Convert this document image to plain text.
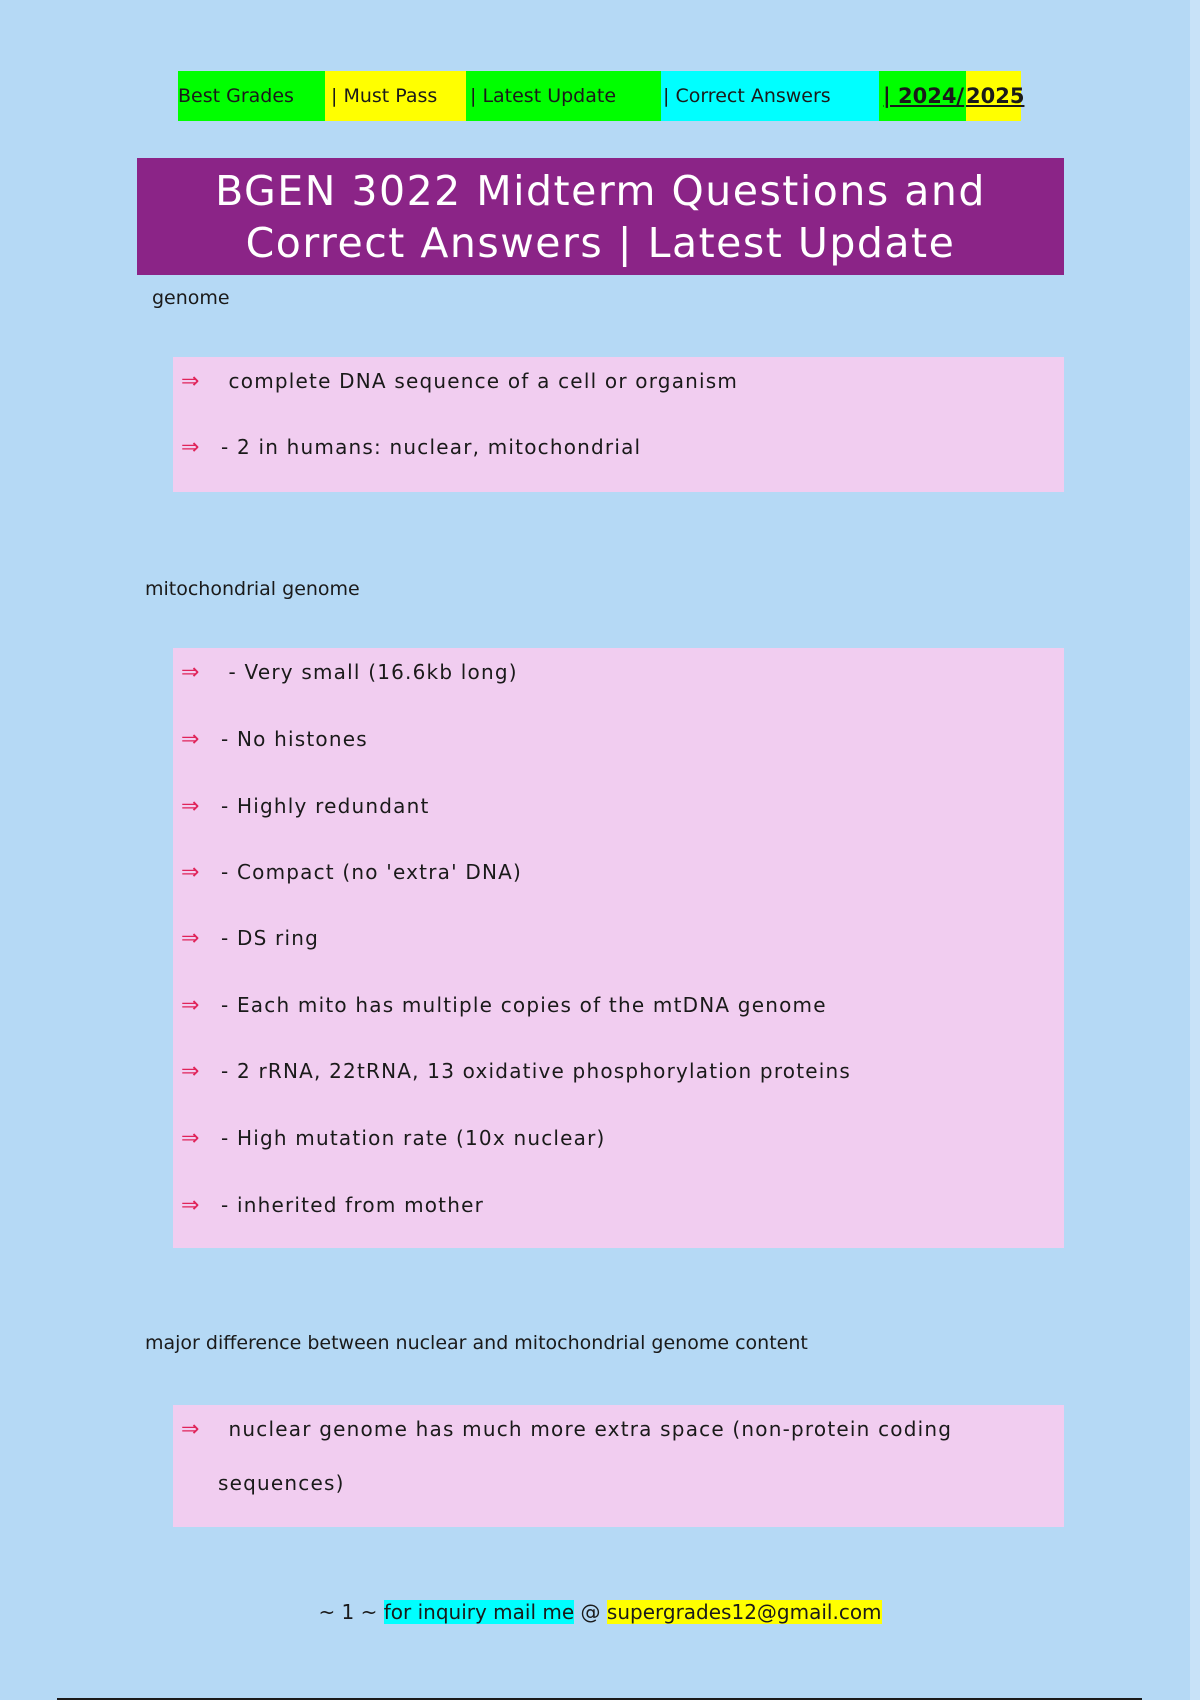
Best Grades	| Must Pass	| Latest Update	| Correct Answers	| 2024/ 2025
BGEN 3022 Midterm Questions and Correct Answers | Latest Update
genome
⇒ complete DNA sequence of a cell or organism
⇒ - 2 in humans: nuclear, mitochondrial
mitochondrial genome
⇒ - Very small (16.6kb long)
⇒ - No histones
⇒ - Highly redundant
⇒ - Compact (no 'extra' DNA)
⇒ - DS ring
⇒ - Each mito has multiple copies of the mtDNA genome
⇒ - 2 rRNA, 22tRNA, 13 oxidative phosphorylation proteins
⇒ - High mutation rate (10x nuclear)
⇒ - inherited from mother
major difference between nuclear and mitochondrial genome content
⇒ nuclear genome has much more extra space (non-protein coding
sequences)
~ 1 ~ for inquiry mail me @ supergrades12@gmail.com
